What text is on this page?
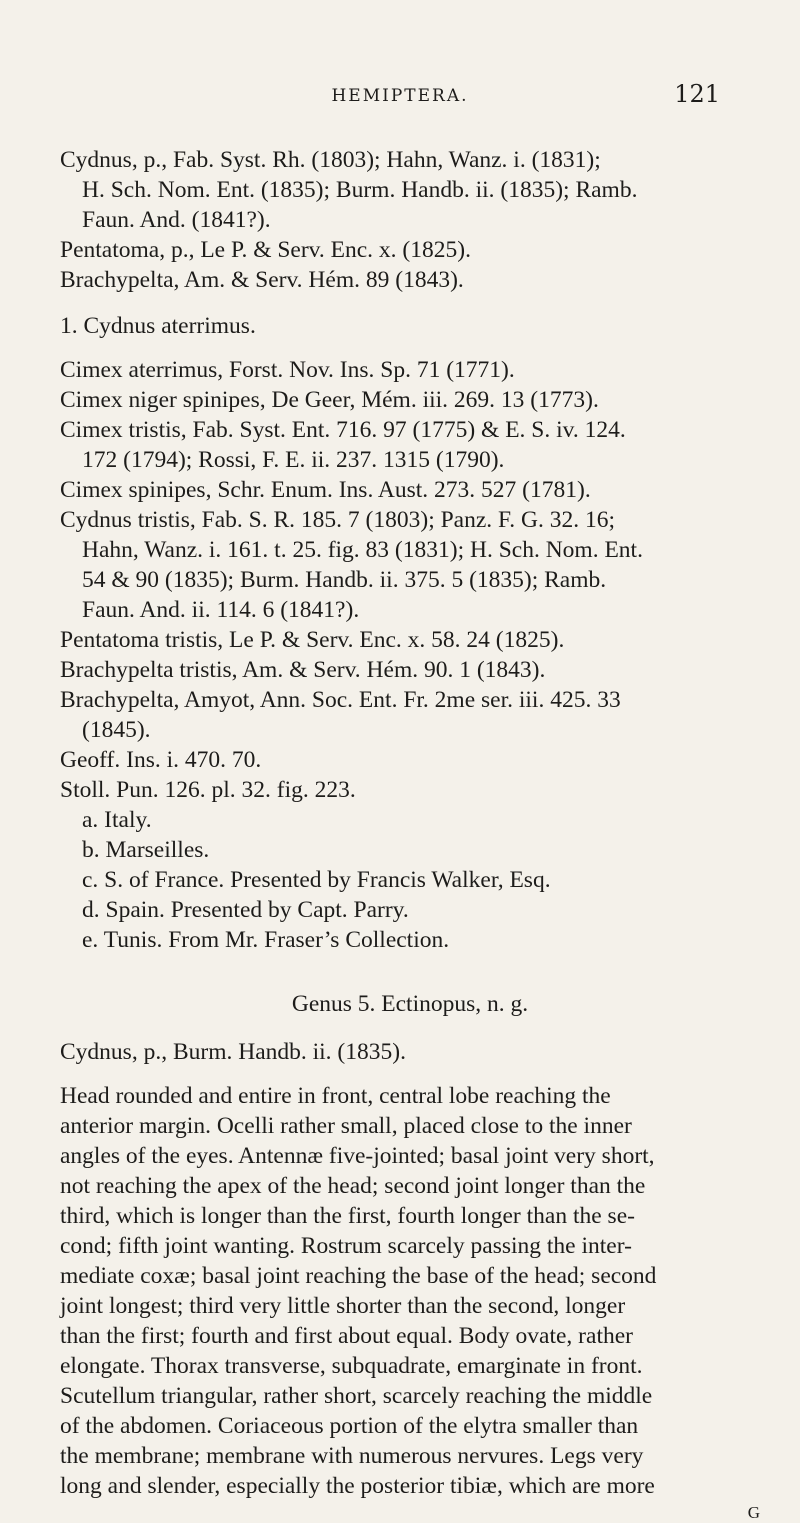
HEMIPTERA.	121
Cydnus, p., Fab. Syst. Rh. (1803); Hahn, Wanz. i. (1831);
H. Sch. Nom. Ent. (1835); Burm. Handb. ii. (1835); Ramb.
Faun. And. (1841?).
Pentatoma, p., Le P. & Serv. Enc. x. (1825).
Brachypelta, Am. & Serv. Hém. 89 (1843).
1. Cydnus aterrimus.
Cimex aterrimus, Forst. Nov. Ins. Sp. 71 (1771).
Cimex niger spinipes, De Geer, Mém. iii. 269. 13 (1773).
Cimex tristis, Fab. Syst. Ent. 716. 97 (1775) & E. S. iv. 124.
172 (1794); Rossi, F. E. ii. 237. 1315 (1790).
Cimex spinipes, Schr. Enum. Ins. Aust. 273. 527 (1781).
Cydnus tristis, Fab. S. R. 185. 7 (1803); Panz. F. G. 32. 16;
Hahn, Wanz. i. 161. t. 25. fig. 83 (1831); H. Sch. Nom. Ent.
54 & 90 (1835); Burm. Handb. ii. 375. 5 (1835); Ramb.
Faun. And. ii. 114. 6 (1841?).
Pentatoma tristis, Le P. & Serv. Enc. x. 58. 24 (1825).
Brachypelta tristis, Am. & Serv. Hém. 90. 1 (1843).
Brachypelta, Amyot, Ann. Soc. Ent. Fr. 2me ser. iii. 425. 33
(1845).
Geoff. Ins. i. 470. 70.
Stoll. Pun. 126. pl. 32. fig. 223.
a. Italy.
b. Marseilles.
c. S. of France. Presented by Francis Walker, Esq.
d. Spain. Presented by Capt. Parry.
e. Tunis. From Mr. Fraser’s Collection.
Genus 5. Ectinopus, n. g.
Cydnus, p., Burm. Handb. ii. (1835).
Head rounded and entire in front, central lobe reaching the
anterior margin. Ocelli rather small, placed close to the inner
angles of the eyes. Antennæ five-jointed; basal joint very short,
not reaching the apex of the head; second joint longer than the
third, which is longer than the first, fourth longer than the se-
cond; fifth joint wanting. Rostrum scarcely passing the inter-
mediate coxæ; basal joint reaching the base of the head; second
joint longest; third very little shorter than the second, longer
than the first; fourth and first about equal. Body ovate, rather
elongate. Thorax transverse, subquadrate, emarginate in front.
Scutellum triangular, rather short, scarcely reaching the middle
of the abdomen. Coriaceous portion of the elytra smaller than
the membrane; membrane with numerous nervures. Legs very
long and slender, especially the posterior tibiæ, which are more
G
